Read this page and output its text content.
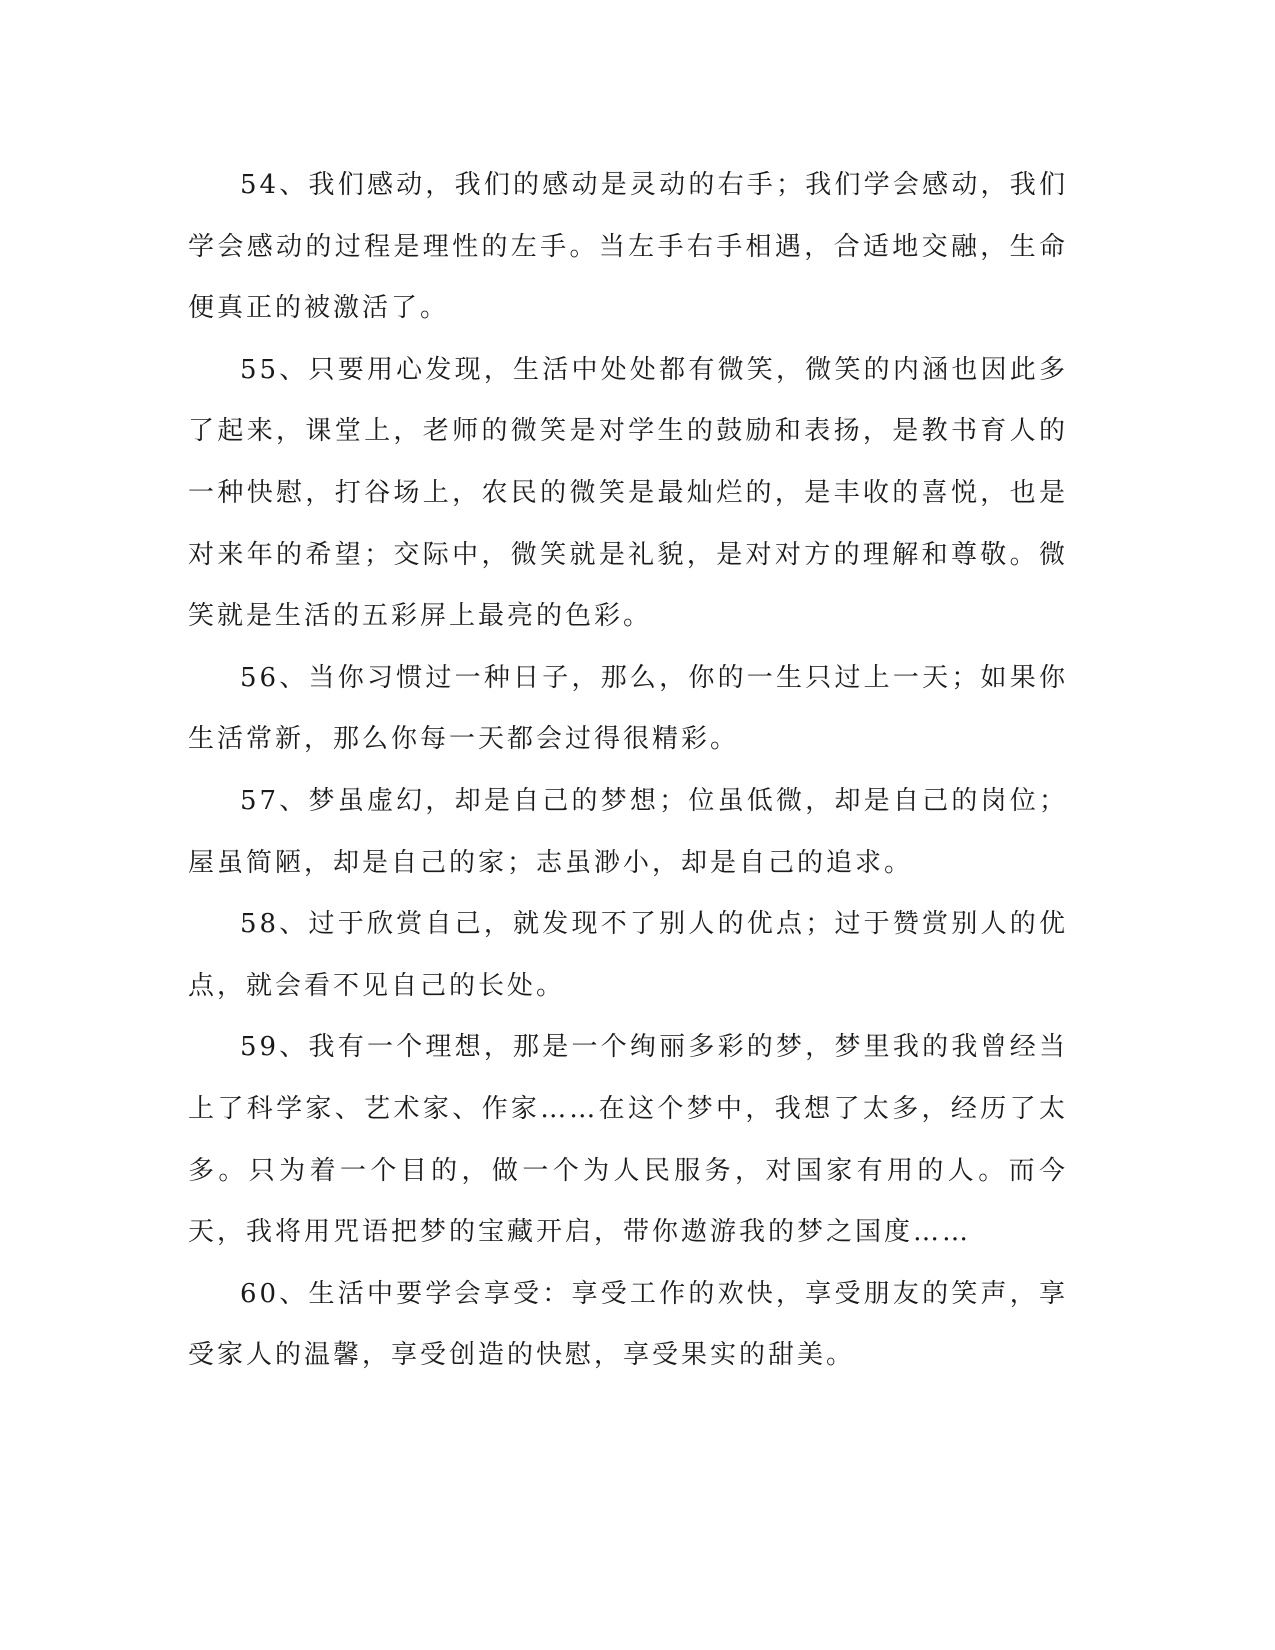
54、我们感动，我们的感动是灵动的右手；我们学会感动，我们学会感动的过程是理性的左手。当左手右手相遇，合适地交融，生命便真正的被激活了。

55、只要用心发现，生活中处处都有微笑，微笑的内涵也因此多了起来，课堂上，老师的微笑是对学生的鼓励和表扬，是教书育人的一种快慰，打谷场上，农民的微笑是最灿烂的，是丰收的喜悦，也是对来年的希望；交际中，微笑就是礼貌，是对对方的理解和尊敬。微笑就是生活的五彩屏上最亮的色彩。

56、当你习惯过一种日子，那么，你的一生只过上一天；如果你生活常新，那么你每一天都会过得很精彩。

57、梦虽虚幻，却是自己的梦想；位虽低微，却是自己的岗位；屋虽简陋，却是自己的家；志虽渺小，却是自己的追求。

58、过于欣赏自己，就发现不了别人的优点；过于赞赏别人的优点，就会看不见自己的长处。

59、我有一个理想，那是一个绚丽多彩的梦，梦里我的我曾经当上了科学家、艺术家、作家……在这个梦中，我想了太多，经历了太多。只为着一个目的，做一个为人民服务，对国家有用的人。而今天，我将用咒语把梦的宝藏开启，带你遨游我的梦之国度……

60、生活中要学会享受：享受工作的欢快，享受朋友的笑声，享受家人的温馨，享受创造的快慰，享受果实的甜美。
